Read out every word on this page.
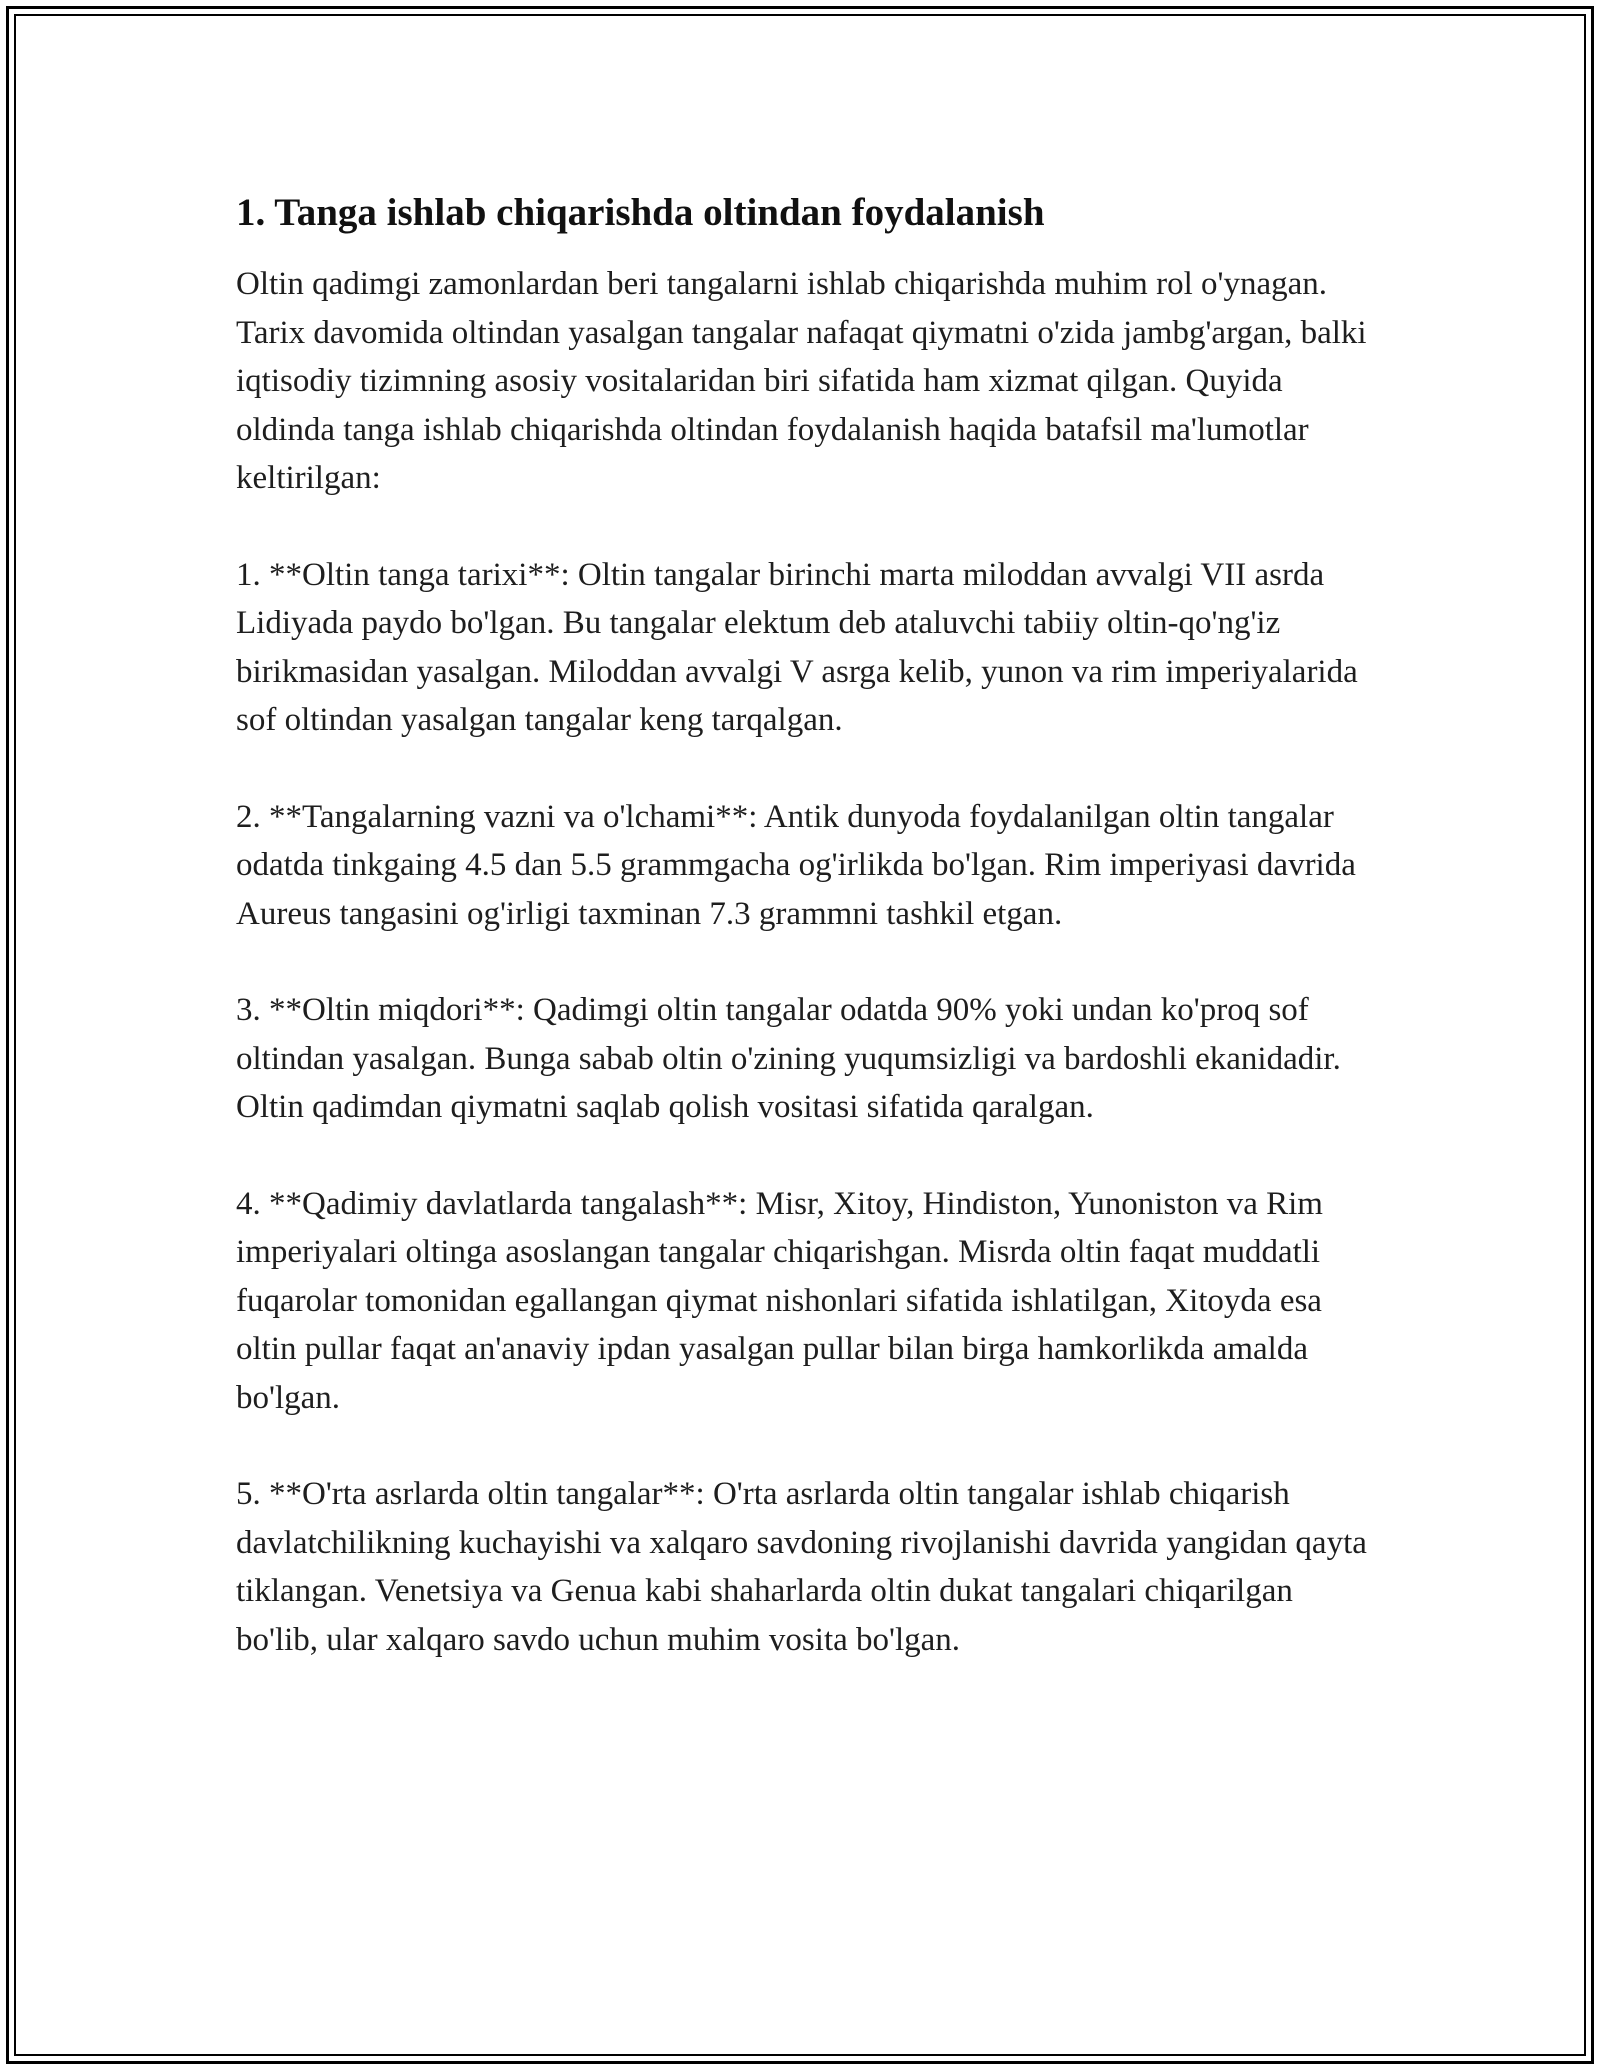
1. Tanga ishlab chiqarishda oltindan foydalanish

Oltin qadimgi zamonlardan beri tangalarni ishlab chiqarishda muhim rol o'ynagan. Tarix davomida oltindan yasalgan tangalar nafaqat qiymatni o'zida jambg'argan, balki iqtisodiy tizimning asosiy vositalaridan biri sifatida ham xizmat qilgan. Quyida oldinda tanga ishlab chiqarishda oltindan foydalanish haqida batafsil ma'lumotlar keltirilgan:

1. **Oltin tanga tarixi**: Oltin tangalar birinchi marta miloddan avvalgi VII asrda Lidiyada paydo bo'lgan. Bu tangalar elektum deb ataluvchi tabiiy oltin-qo'ng'iz birikmasidan yasalgan. Miloddan avvalgi V asrga kelib, yunon va rim imperiyalarida sof oltindan yasalgan tangalar keng tarqalgan.

2. **Tangalarning vazni va o'lchami**: Antik dunyoda foydalanilgan oltin tangalar odatda tinkgaing 4.5 dan 5.5 grammgacha og'irlikda bo'lgan. Rim imperiyasi davrida Aureus tangasini og'irligi taxminan 7.3 grammni tashkil etgan.

3. **Oltin miqdori**: Qadimgi oltin tangalar odatda 90% yoki undan ko'proq sof oltindan yasalgan. Bunga sabab oltin o'zining yuqumsizligi va bardoshli ekanidadir. Oltin qadimdan qiymatni saqlab qolish vositasi sifatida qaralgan.

4. **Qadimiy davlatlarda tangalash**: Misr, Xitoy, Hindiston, Yunoniston va Rim imperiyalari oltinga asoslangan tangalar chiqarishgan. Misrda oltin faqat muddatli fuqarolar tomonidan egallangan qiymat nishonlari sifatida ishlatilgan, Xitoyda esa oltin pullar faqat an'anaviy ipdan yasalgan pullar bilan birga hamkorlikda amalda bo'lgan.

5. **O'rta asrlarda oltin tangalar**: O'rta asrlarda oltin tangalar ishlab chiqarish davlatchilikning kuchayishi va xalqaro savdoning rivojlanishi davrida yangidan qayta tiklangan. Venetsiya va Genua kabi shaharlarda oltin dukat tangalari chiqarilgan bo'lib, ular xalqaro savdo uchun muhim vosita bo'lgan.
